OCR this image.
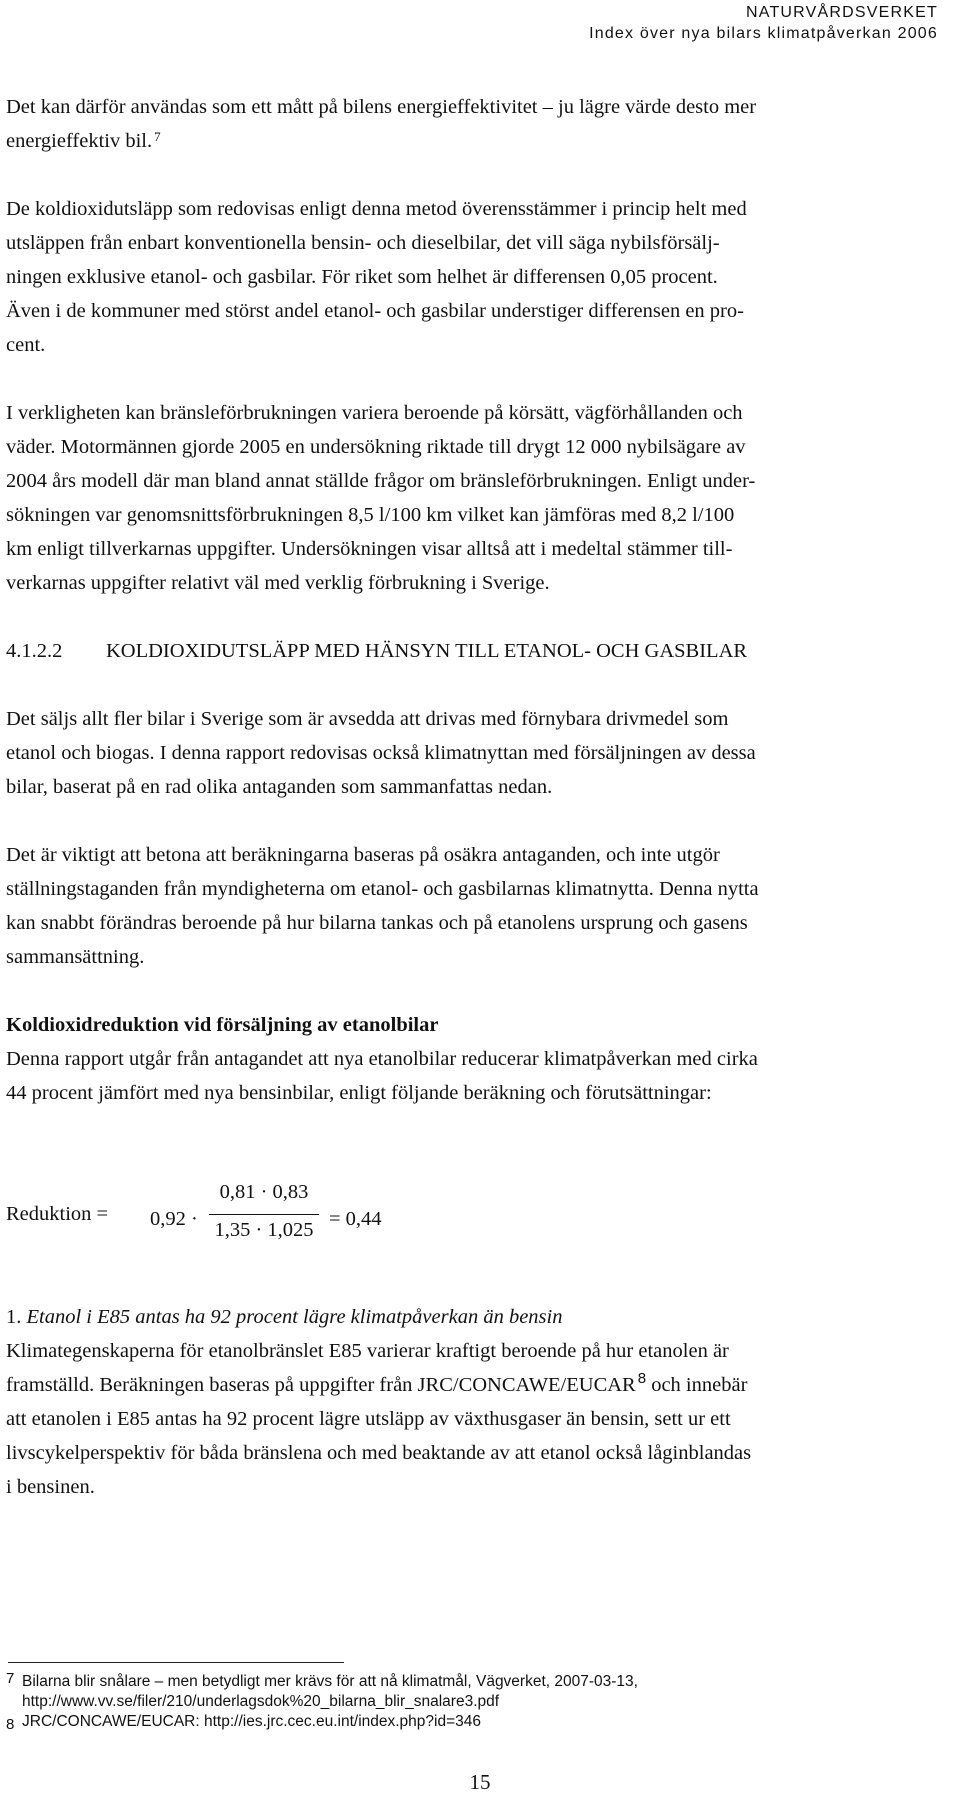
NATURVÅRDSVERKET
Index över nya bilars klimatpåverkan 2006

Det kan därför användas som ett mått på bilens energieffektivitet – ju lägre värde desto mer
energieffektiv bil. $^7$

De koldioxidutsläpp som redovisas enligt denna metod överensstämmer i princip helt med
utsläppen från enbart konventionella bensin- och dieselbilar, det vill säga nybilsförsälj-
ningen exklusive etanol- och gasbilar. För riket som helhet är differensen 0,05 procent.
Även i de kommuner med störst andel etanol- och gasbilar understiger differensen en pro-
cent.

I verkligheten kan bränsleförbrukningen variera beroende på körsätt, vägförhållanden och
väder. Motormännen gjorde 2005 en undersökning riktade till drygt 12 000 nybilsägare av
2004 års modell där man bland annat ställde frågor om bränsleförbrukningen. Enligt under-
sökningen var genomsnittsförbrukningen 8,5 l/100 km vilket kan jämföras med 8,2 l/100
km enligt tillverkarnas uppgifter. Undersökningen visar alltså att i medeltal stämmer till-
verkarnas uppgifter relativt väl med verklig förbrukning i Sverige.

4.1.2.2 KOLDIOXIDUTSLÄPP MED HÄNSYN TILL ETANOL- OCH GASBILAR

Det säljs allt fler bilar i Sverige som är avsedda att drivas med förnybara drivmedel som
etanol och biogas. I denna rapport redovisas också klimatnyttan med försäljningen av dessa
bilar, baserat på en rad olika antaganden som sammanfattas nedan.

Det är viktigt att betona att beräkningarna baseras på osäkra antaganden, och inte utgör
ställningstaganden från myndigheterna om etanol- och gasbilarnas klimatnytta. Denna nytta
kan snabbt förändras beroende på hur bilarna tankas och på etanolens ursprung och gasens
sammansättning.

Koldioxidreduktion vid försäljning av etanolbilar
Denna rapport utgår från antagandet att nya etanolbilar reducerar klimatpåverkan med cirka
44 procent jämfört med nya bensinbilar, enligt följande beräkning och förutsättningar:

Reduktion = 0,92 ·
0,81 · 0,83
1,35 · 1,025 = 0,44

1. Etanol i E85 antas ha 92 procent lägre klimatpåverkan än bensin
Klimategenskaperna för etanolbränslet E85 varierar kraftigt beroende på hur etanolen är
framställd. Beräkningen baseras på uppgifter från JRC/CONCAWE/EUCAR $^8$ och innebär
att etanolen i E85 antas ha 92 procent lägre utsläpp av växthusgaser än bensin, sett ur ett
livscykelperspektiv för båda bränslena och med beaktande av att etanol också låginblandas
i bensinen.

7 Bilarna blir snålare – men betydligt mer krävs för att nå klimatmål, Vägverket, 2007-03-13,
http://www.vv.se/filer/210/underlagsdok%20_bilarna_blir_snalare3.pdf
8 JRC/CONCAWE/EUCAR: http://ies.jrc.cec.eu.int/index.php?id=346
15
